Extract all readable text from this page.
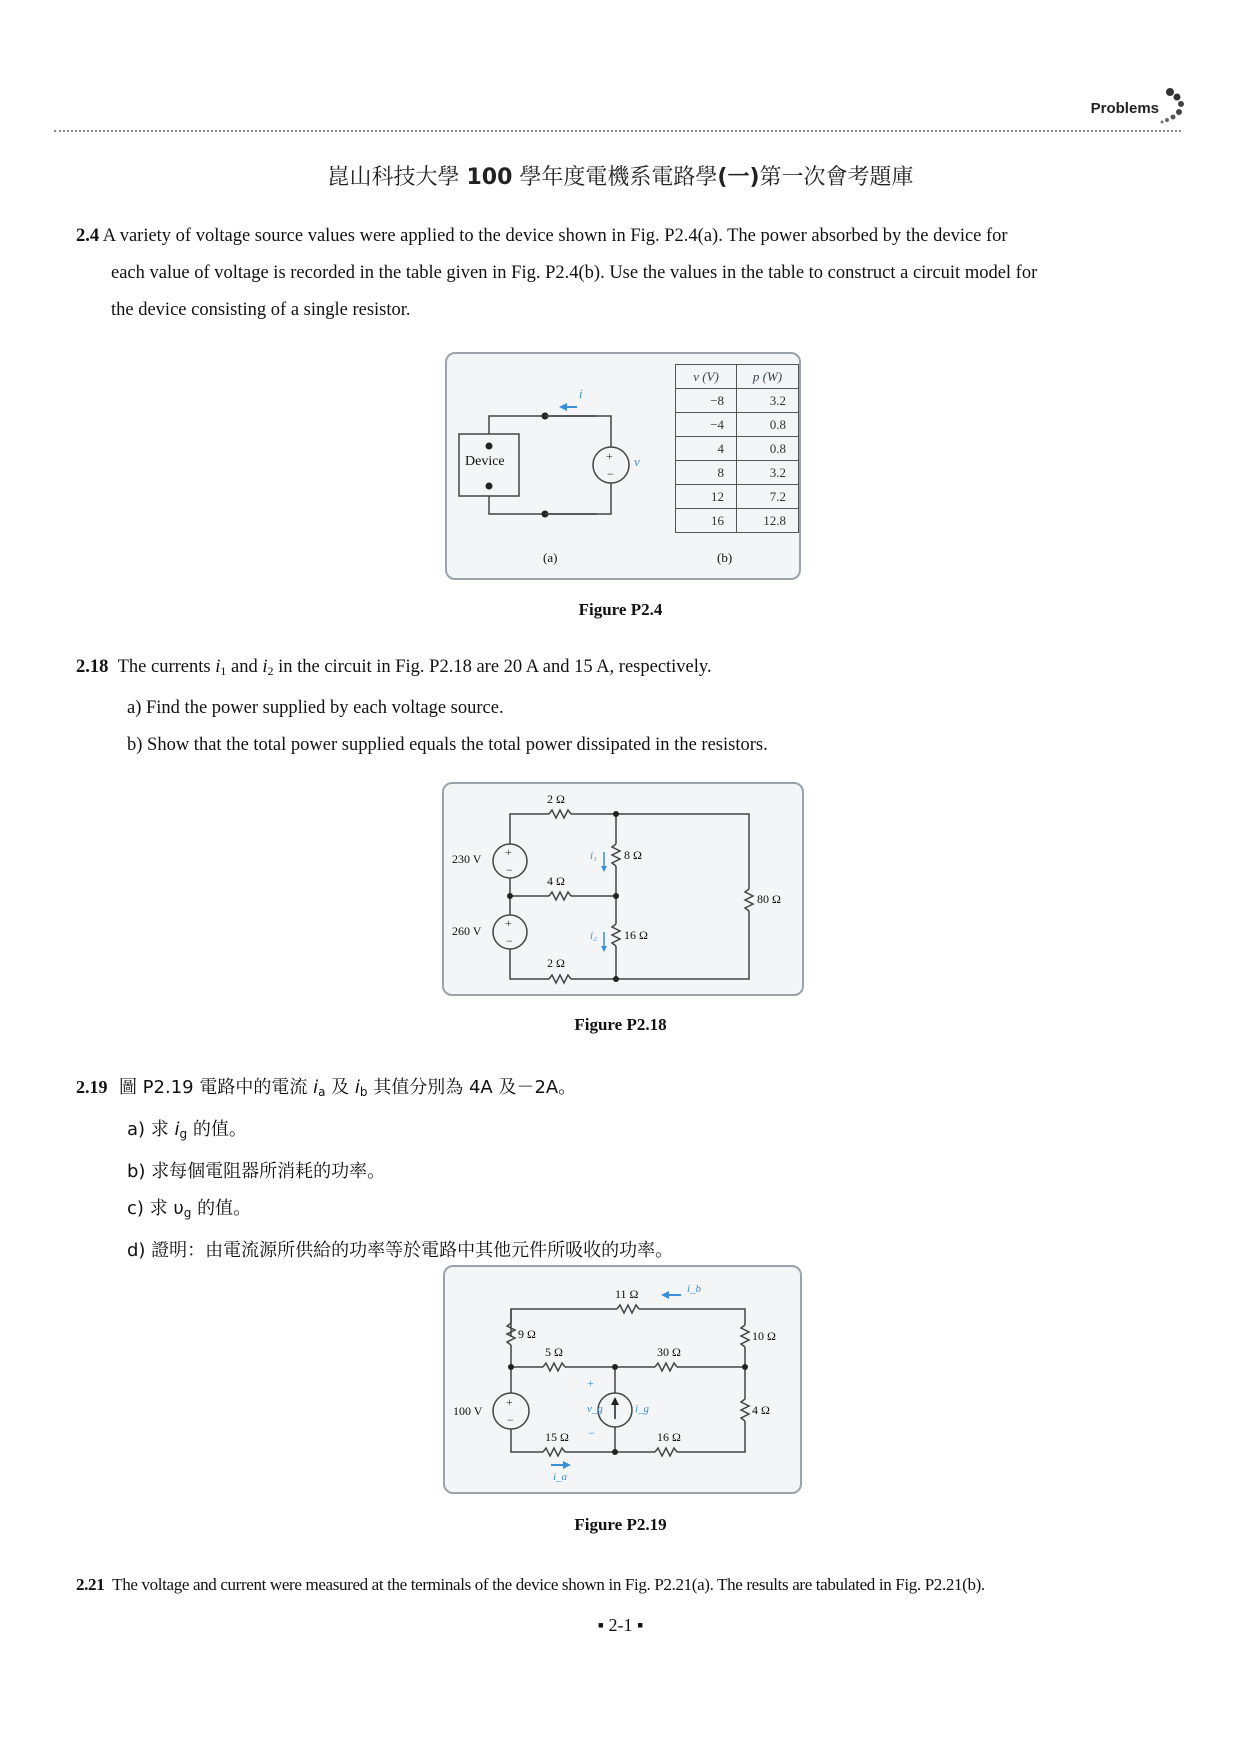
Problems
崑山科技大學 100 學年度電機系電路學(一)第一次會考題庫
2.4 A variety of voltage source values were applied to the device shown in Fig. P2.4(a). The power absorbed by the device for
each value of voltage is recorded in the table given in Fig. P2.4(b). Use the values in the table to construct a circuit model for
the device consisting of a single resistor.
+
−
Device
i
v
(a)	(b)
v (V)	p (W)
−8	3.2
−4	0.8
4	0.8
8	3.2
12	7.2
16	12.8
Figure P2.4
2.18 The currents $i_1$ and $i_2$ in the circuit in Fig. P2.18 are 20 A and 15 A, respectively.
a) Find the power supplied by each voltage source.
b) Show that the total power supplied equals the total power dissipated in the resistors.
+
−
+
−
2 Ω
4 Ω
2 Ω
8 Ω
16 Ω
80 Ω
230 V
260 V
i₁
i₂
Figure P2.18
2.19 圖 P2.19 電路中的電流 $i_a$ 及 $i_b$ 其值分別為 4A 及－2A。
a) 求 $i_g$ 的值。
b) 求每個電阻器所消耗的功率。
c) 求 $\upsilon_g$ 的值。
d) 證明：由電流源所供給的功率等於電路中其他元件所吸收的功率。
+
−
+
−
11 Ω
9 Ω
5 Ω	30 Ω
10 Ω
4 Ω
15 Ω	16 Ω
100 V
i_b
i_a
v_g	i_g
Figure P2.19
2.21 The voltage and current were measured at the terminals of the device shown in Fig. P2.21(a). The results are tabulated in Fig. P2.21(b).
▪ 2-1 ▪
